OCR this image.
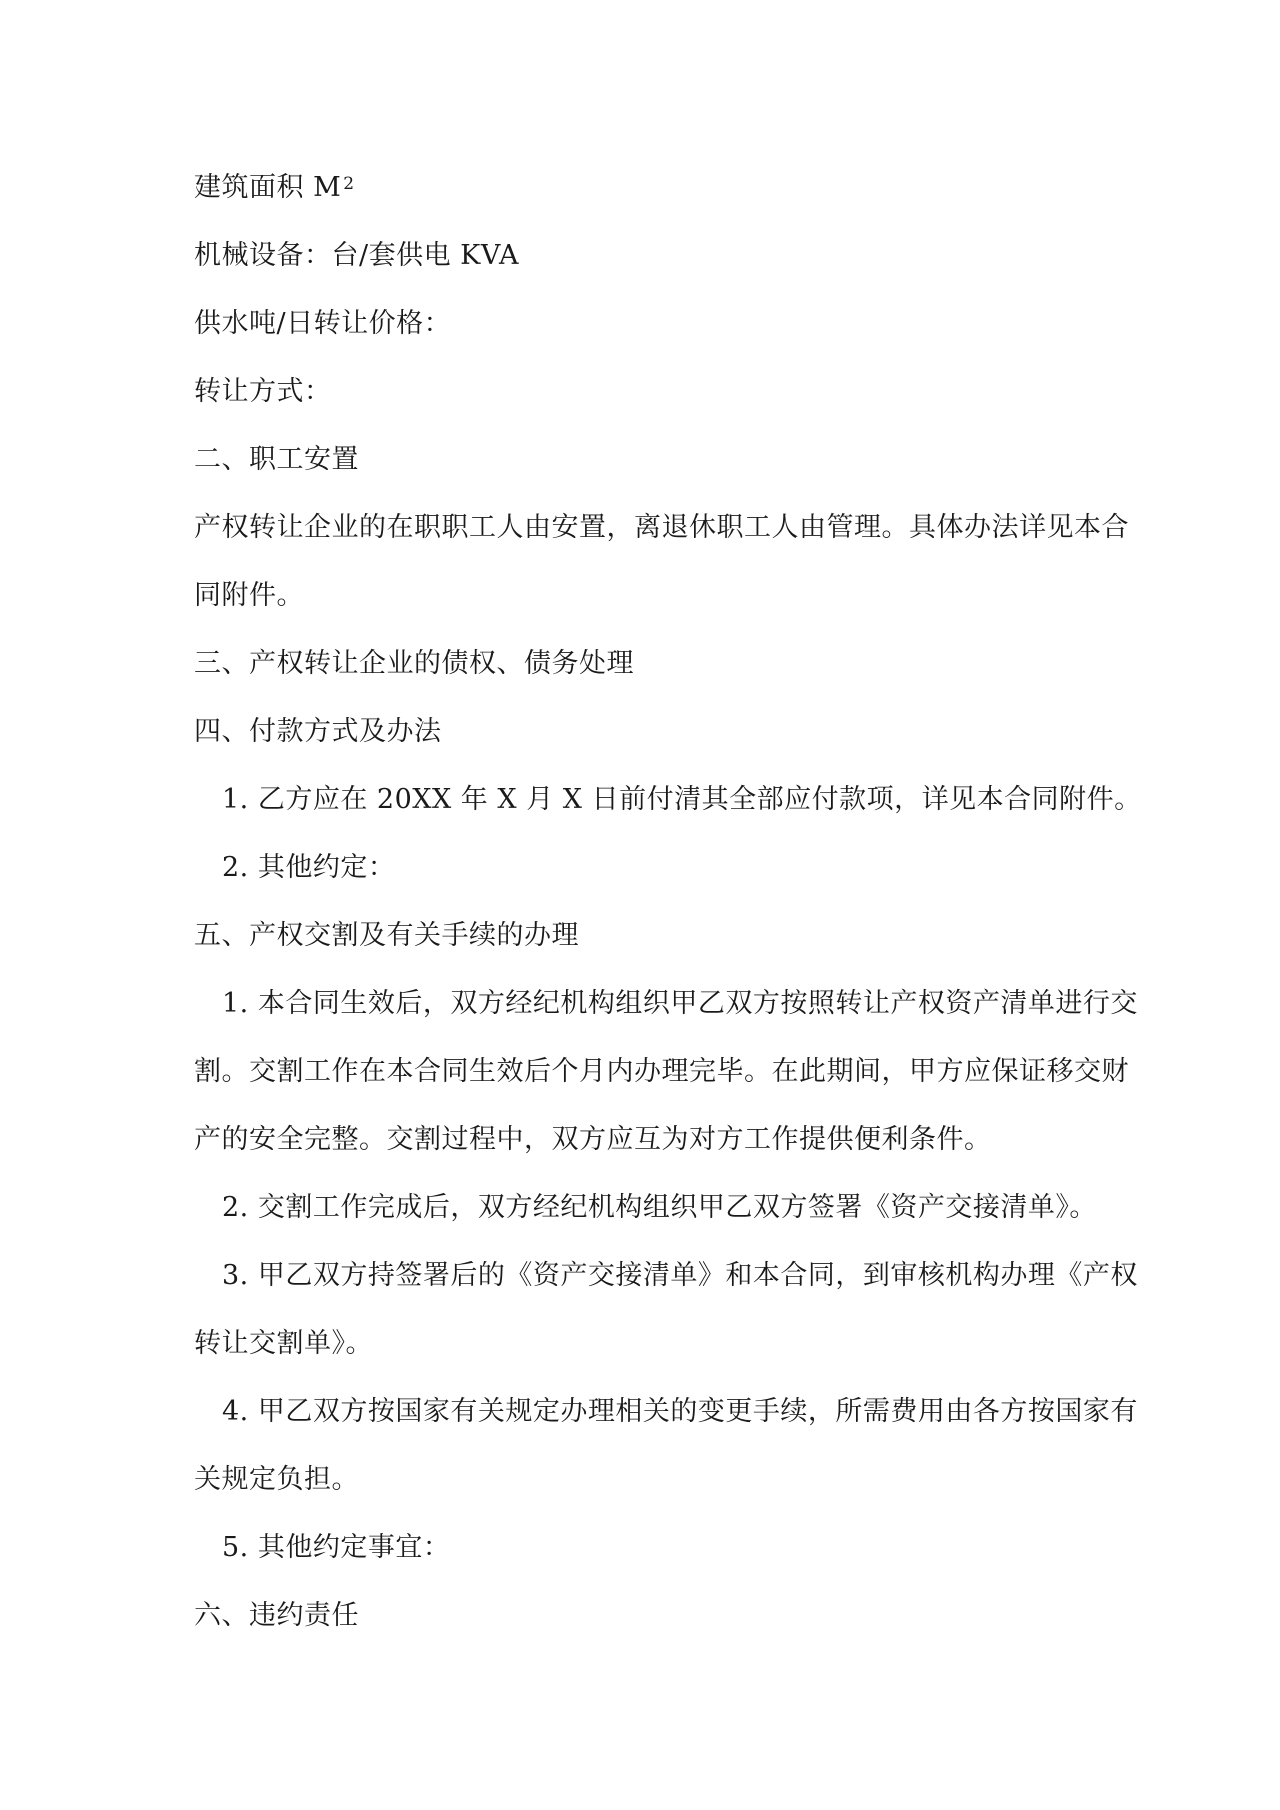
建筑面积 M $^2$
机械设备：台/套供电 KVA
供水吨/日转让价格：
转让方式：
二、职工安置
产权转让企业的在职职工人由安置，离退休职工人由管理。具体办法详见本合
同附件。
三、产权转让企业的债权、债务处理
四、付款方式及办法
1. 乙方应在 20XX 年 X 月 X 日前付清其全部应付款项，详见本合同附件。
2. 其他约定：
五、产权交割及有关手续的办理
1. 本合同生效后，双方经纪机构组织甲乙双方按照转让产权资产清单进行交
割。交割工作在本合同生效后个月内办理完毕。在此期间，甲方应保证移交财
产的安全完整。交割过程中，双方应互为对方工作提供便利条件。
2. 交割工作完成后，双方经纪机构组织甲乙双方签署《资产交接清单》。
3. 甲乙双方持签署后的《资产交接清单》和本合同，到审核机构办理《产权
转让交割单》。
4. 甲乙双方按国家有关规定办理相关的变更手续，所需费用由各方按国家有
关规定负担。
5. 其他约定事宜：
六、违约责任
